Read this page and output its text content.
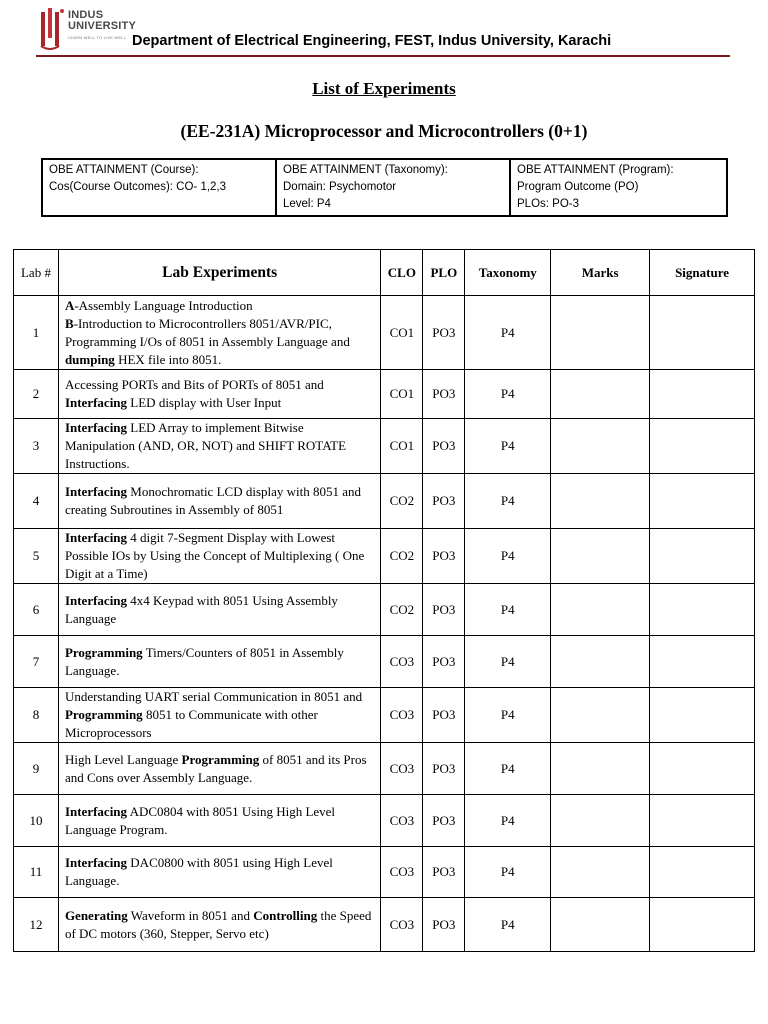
INDUS
UNIVERSITY
LEARN WELL TO LIVE WELL Department of Electrical Engineering, FEST, Indus University, Karachi
List of Experiments
(EE-231A) Microprocessor and Microcontrollers (0+1)
OBE ATTAINMENT (Course):
Cos(Course Outcomes): CO- 1,2,3

OBE ATTAINMENT (Taxonomy):
Domain: Psychomotor
Level: P4

OBE ATTAINMENT (Program):
Program Outcome (PO)
PLOs: PO-3
Lab #	Lab Experiments	CLO	PLO	Taxonomy	Marks	Signature
1	A-Assembly Language Introduction
B-Introduction to Microcontrollers 8051/AVR/PIC, Programming I/Os of 8051 in Assembly Language and dumping HEX file into 8051.	CO1	PO3	P4		
2	Accessing PORTs and Bits of PORTs of 8051 and Interfacing LED display with User Input	CO1	PO3	P4		
3	Interfacing LED Array to implement Bitwise Manipulation (AND, OR, NOT) and SHIFT ROTATE Instructions.	CO1	PO3	P4		
4	Interfacing Monochromatic LCD display with 8051 and creating Subroutines in Assembly of 8051	CO2	PO3	P4		
5	Interfacing 4 digit 7-Segment Display with Lowest Possible IOs by Using the Concept of Multiplexing ( One Digit at a Time)	CO2	PO3	P4		
6	Interfacing 4x4 Keypad with 8051 Using Assembly Language	CO2	PO3	P4		
7	Programming Timers/Counters of 8051 in Assembly Language.	CO3	PO3	P4		
8	Understanding UART serial Communication in 8051 and Programming 8051 to Communicate with other Microprocessors	CO3	PO3	P4		
9	High Level Language Programming of 8051 and its Pros and Cons over Assembly Language.	CO3	PO3	P4		
10	Interfacing ADC0804 with 8051 Using High Level Language Program.	CO3	PO3	P4		
11	Interfacing DAC0800 with 8051 using High Level Language.	CO3	PO3	P4		
12	Generating Waveform in 8051 and Controlling the Speed of DC motors (360, Stepper, Servo etc)	CO3	PO3	P4		
